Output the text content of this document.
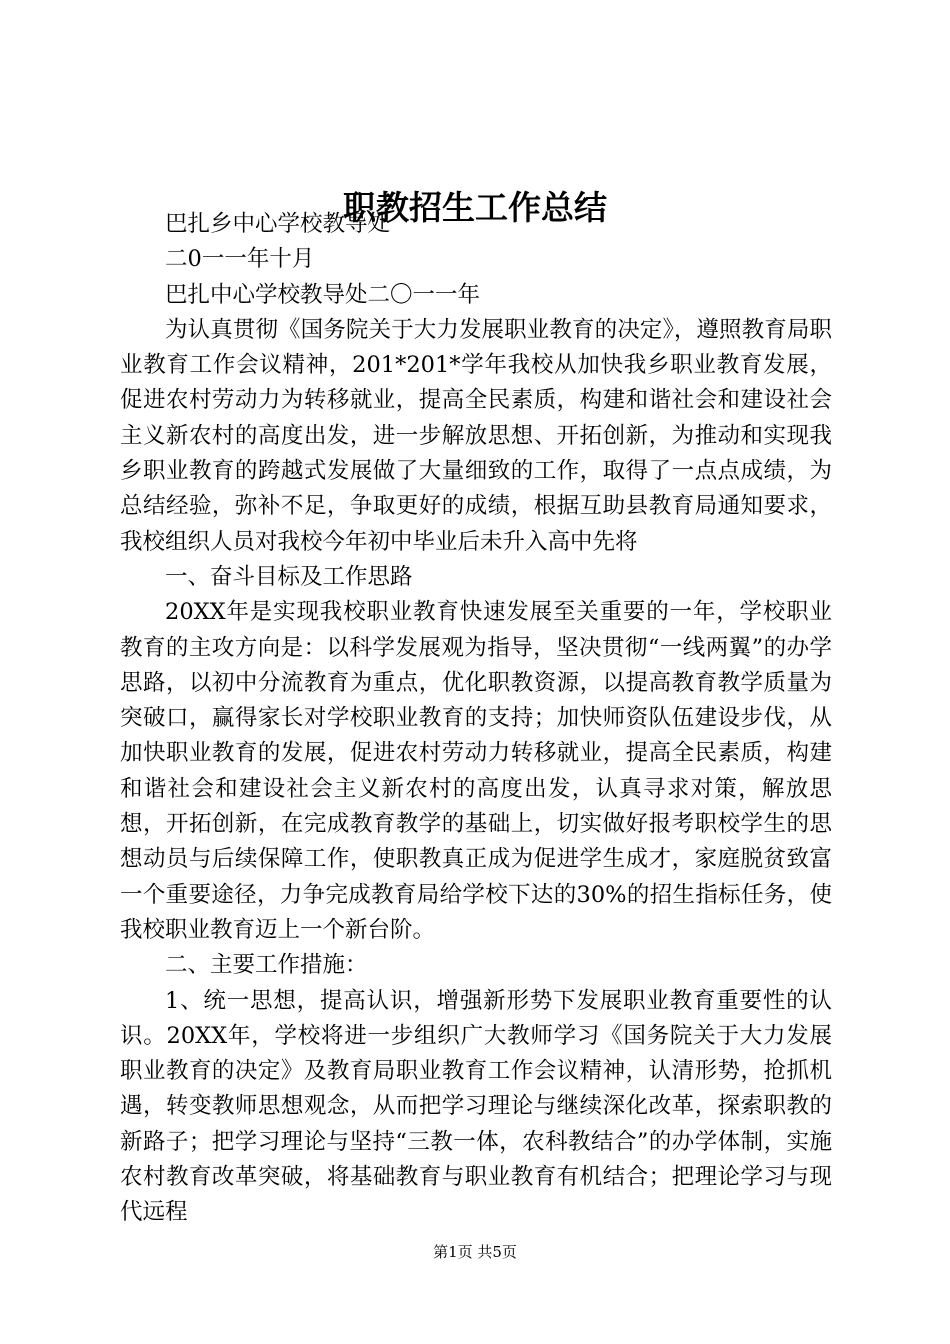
职教招生工作总结

巴扎乡中心学校教导处

二0一一年十月

巴扎中心学校教导处二〇一一年

为认真贯彻《国务院关于大力发展职业教育的决定》，遵照教育局职业教育工作会议精神，201*201*学年我校从加快我乡职业教育发展，促进农村劳动力为转移就业，提高全民素质，构建和谐社会和建设社会主义新农村的高度出发，进一步解放思想、开拓创新，为推动和实现我乡职业教育的跨越式发展做了大量细致的工作，取得了一点点成绩，为总结经验，弥补不足，争取更好的成绩，根据互助县教育局通知要求，我校组织人员对我校今年初中毕业后未升入高中先将

一、奋斗目标及工作思路

20XX年是实现我校职业教育快速发展至关重要的一年，学校职业教育的主攻方向是：以科学发展观为指导，坚决贯彻“一线两翼”的办学思路，以初中分流教育为重点，优化职教资源，以提高教育教学质量为突破口，赢得家长对学校职业教育的支持；加快师资队伍建设步伐，从加快职业教育的发展，促进农村劳动力转移就业，提高全民素质，构建和谐社会和建设社会主义新农村的高度出发，认真寻求对策，解放思想，开拓创新，在完成教育教学的基础上，切实做好报考职校学生的思想动员与后续保障工作，使职教真正成为促进学生成才，家庭脱贫致富一个重要途径，力争完成教育局给学校下达的30%的招生指标任务，使我校职业教育迈上一个新台阶。

二、主要工作措施：

1、统一思想，提高认识，增强新形势下发展职业教育重要性的认识。20XX年，学校将进一步组织广大教师学习《国务院关于大力发展职业教育的决定》及教育局职业教育工作会议精神，认清形势，抢抓机遇，转变教师思想观念，从而把学习理论与继续深化改革，探索职教的新路子；把学习理论与坚持“三教一体，农科教结合”的办学体制，实施农村教育改革突破，将基础教育与职业教育有机结合；把理论学习与现代远程

第1页 共5页
